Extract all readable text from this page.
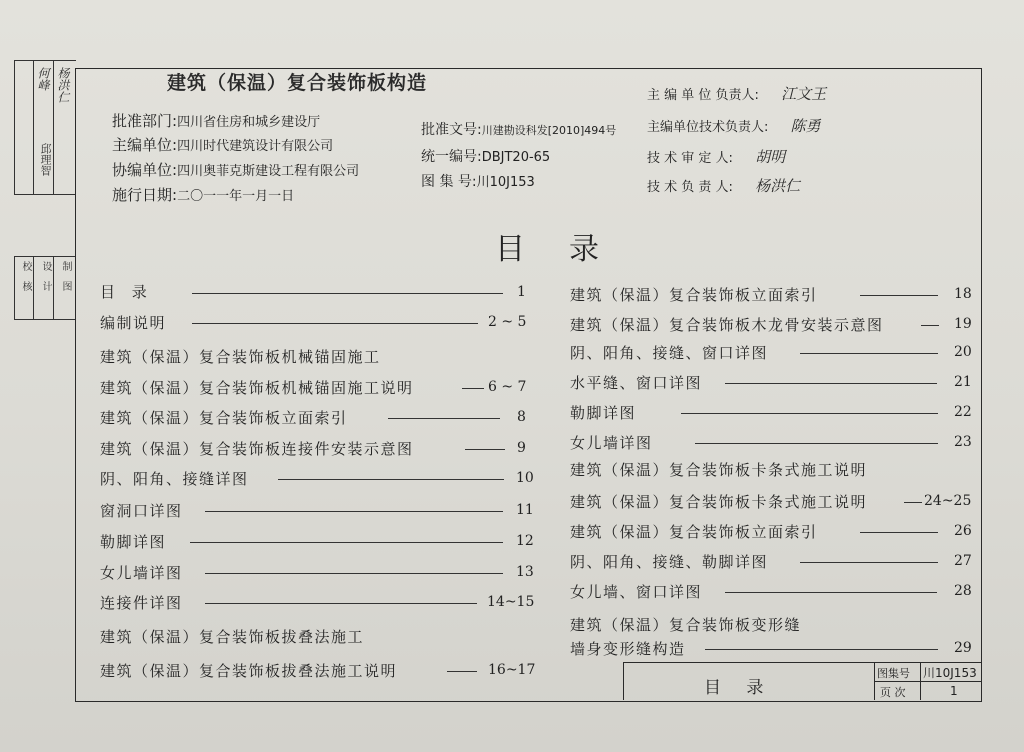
何峰 杨洪仁
邱理智
校
核
设
计
制
图
建筑（保温）复合装饰板构造
批准部门:四川省住房和城乡建设厅
主编单位:四川时代建筑设计有限公司
协编单位:四川奥菲克斯建设工程有限公司
施行日期:二〇一一年一月一日
批准文号:川建勘设科发[2010]494号
统一编号:DBJT20-65
图 集 号:川10J153
主 编 单 位 负责人: 江文王
主编单位技术负责人: 陈勇
技 术 审 定 人: 胡明
技 术 负 责 人: 杨洪仁
目录
目 录	1
编制说明	2 ~ 5
建筑（保温）复合装饰板机械锚固施工
建筑（保温）复合装饰板机械锚固施工说明	6 ~ 7
建筑（保温）复合装饰板立面索引	8
建筑（保温）复合装饰板连接件安装示意图	9
阴、阳角、接缝详图	10
窗洞口详图	11
勒脚详图	12
女儿墙详图	13
连接件详图	14~15
建筑（保温）复合装饰板拔叠法施工
建筑（保温）复合装饰板拔叠法施工说明	16~17
建筑（保温）复合装饰板立面索引	18
建筑（保温）复合装饰板木龙骨安装示意图	19
阴、阳角、接缝、窗口详图	20
水平缝、窗口详图	21
勒脚详图	22
女儿墙详图	23
建筑（保温）复合装饰板卡条式施工说明
建筑（保温）复合装饰板卡条式施工说明	24~25
建筑（保温）复合装饰板立面索引	26
阴、阳角、接缝、勒脚详图	27
女儿墙、窗口详图	28
建筑（保温）复合装饰板变形缝
墙身变形缝构造	29
目 录
图集号 川10J153
页 次	1
